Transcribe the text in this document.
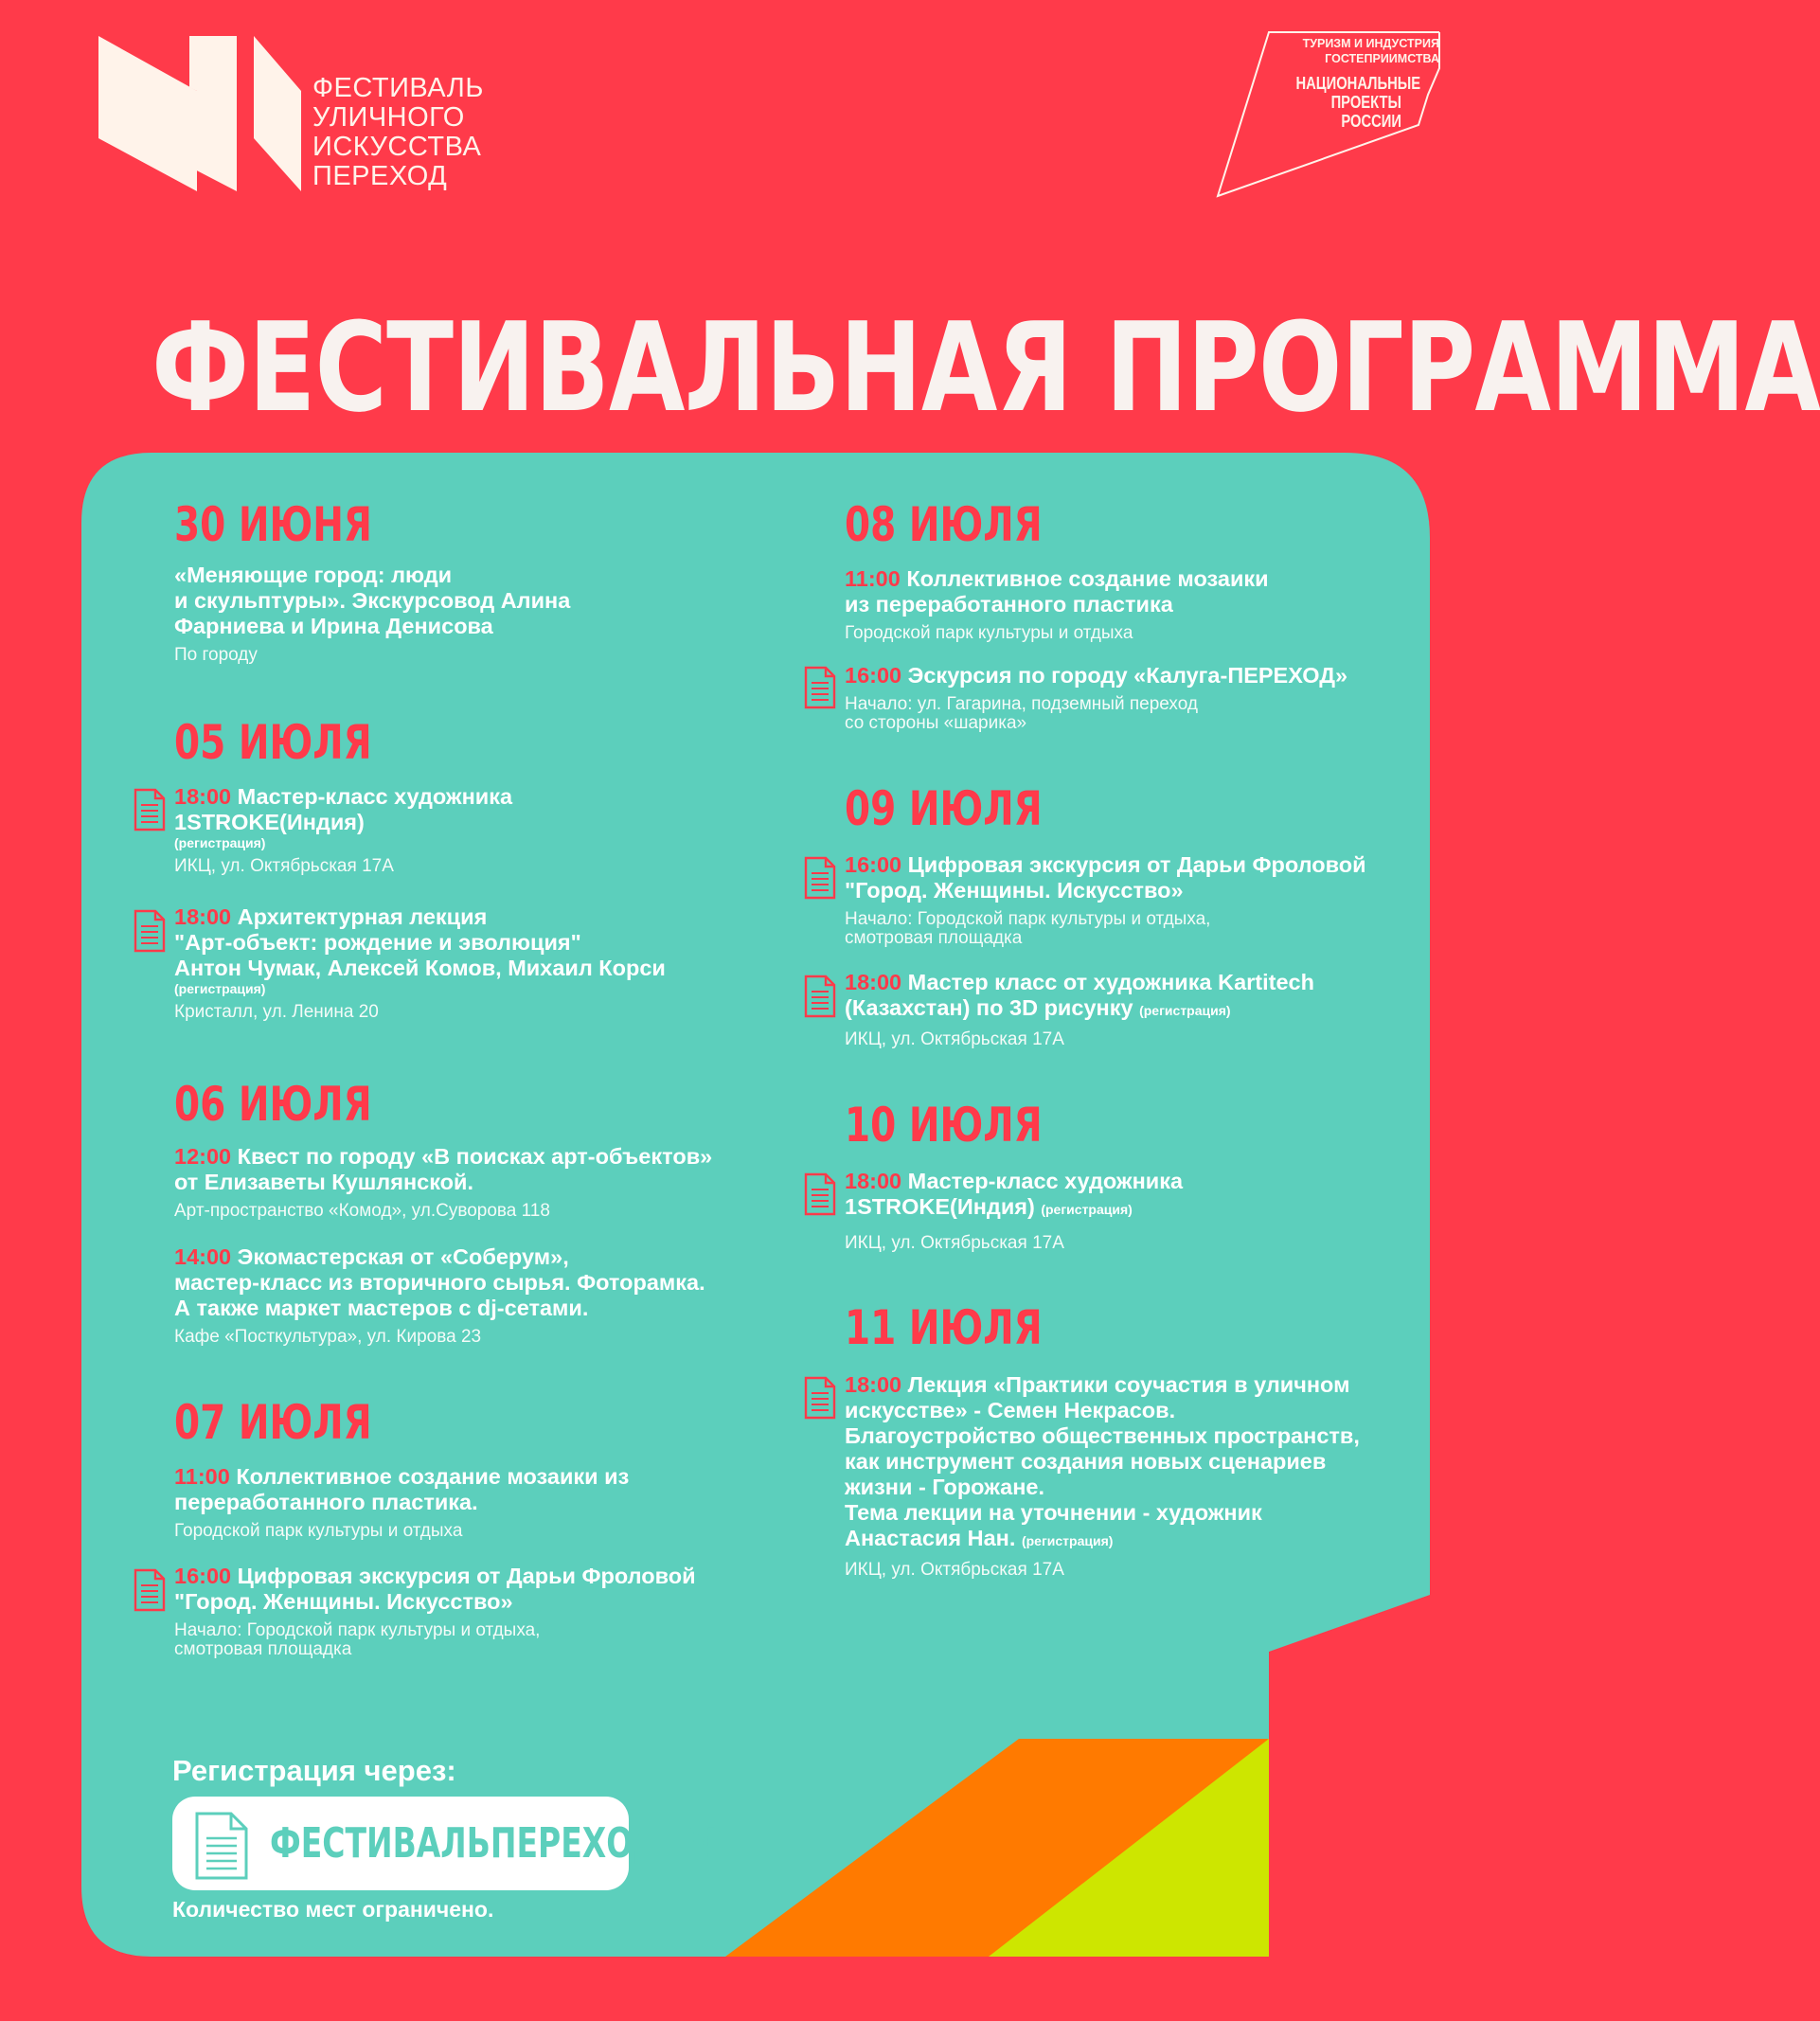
ФЕСТИВАЛЬ
УЛИЧНОГО
ИСКУССТВА
ПЕРЕХОД
ТУРИЗМ И ИНДУСТРИЯ
ГОСТЕПРИИМСТВА
НАЦИОНАЛЬНЫЕ
ПРОЕКТЫ
РОССИИ
ФЕСТИВАЛЬНАЯ ПРОГРАММА
30 ИЮНЯ
«Меняющие город: люди
и скульптуры». Экскурсовод Алина
Фарниева и Ирина Денисова
По городу
05 ИЮЛЯ
18:00 Мастер-класс художника
1STROKE(Индия)
(регистрация)
ИКЦ, ул. Октябрьская 17А
18:00 Архитектурная лекция
"Арт-объект: рождение и эволюция"
Антон Чумак, Алексей Комов, Михаил Корси
(регистрация)
Кристалл, ул. Ленина 20
06 ИЮЛЯ
12:00 Квест по городу «В поисках арт-объектов»
от Елизаветы Кушлянской.
Арт-пространство «Комод», ул.Суворова 118
14:00 Экомастерская от «Соберум»,
мастер-класс из вторичного сырья. Фоторамка.
А также маркет мастеров с dj-сетами.
Кафе «Посткультура», ул. Кирова 23
07 ИЮЛЯ
11:00 Коллективное создание мозаики из
переработанного пластика.
Городской парк культуры и отдыха
16:00 Цифровая экскурсия от Дарьи Фроловой
"Город. Женщины. Искусство»
Начало: Городской парк культуры и отдыха,
смотровая площадка
08 ИЮЛЯ
11:00 Коллективное создание мозаики
из переработанного пластика
Городской парк культуры и отдыха
16:00 Эскурсия по городу «Калуга-ПЕРЕХОД»
Начало: ул. Гагарина, подземный переход
со стороны «шарика»
09 ИЮЛЯ
16:00 Цифровая экскурсия от Дарьи Фроловой
"Город. Женщины. Искусство»
Начало: Городской парк культуры и отдыха,
смотровая площадка
18:00 Мастер класс от художника Kartitech
(Казахстан) по 3D рисунку (регистрация)
ИКЦ, ул. Октябрьская 17А
10 ИЮЛЯ
18:00 Мастер-класс художника
1STROKE(Индия) (регистрация)
ИКЦ, ул. Октябрьская 17А
11 ИЮЛЯ
18:00 Лекция «Практики соучастия в уличном
искусстве» - Семен Некрасов.
Благоустройство общественных пространств,
как инструмент создания новых сценариев
жизни - Горожане.
Тема лекции на уточнении - художник
Анастасия Нан. (регистрация)
ИКЦ, ул. Октябрьская 17А
Регистрация через:
ФЕСТИВАЛЬПЕРЕХОД.РФ
Количество мест ограничено.
